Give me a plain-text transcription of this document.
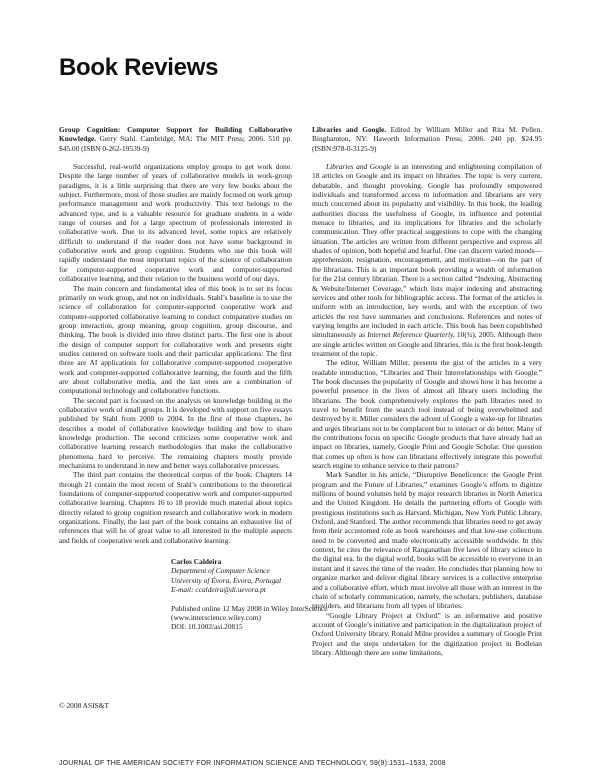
Book Reviews

Group Cognition: Computer Support for Building Collaborative Knowledge. Gerry Stahl. Cambridge, MA: The MIT Press; 2006. 510 pp. $45.00 (ISBN 0-262-19539-9)

Successful, real-world organizations employ groups to get work done. Despite the large number of years of collaborative models in work-group paradigms, it is a little surprising that there are very few books about the subject. Furthermore, most of those studies are mainly focused on work group performance management and work productivity. This text belongs to the advanced type, and is a valuable resource for graduate students in a wide range of courses and for a large spectrum of professionals interested in collaborative work. Due to its advanced level, some topics are relatively difficult to understand if the reader does not have some background in collaborative work and group cognition. Students who use this book will rapidly understand the most important topics of the science of collaboration for computer-supported cooperative work and computer-supported collaborative learning, and their relation to the business world of our days.

The main concern and fundamental idea of this book is to set its focus primarily on work group, and not on individuals. Stahl’s baseline is to use the science of collaboration for computer-supported cooperative work and computer-supported collaborative learning to conduct comparative studies on group interaction, group meaning, group cognition, group discourse, and thinking. The book is divided into three distinct parts. The first one is about the design of computer support for collaborative work and presents eight studies centered on software tools and their particular applications: The first three are AI applications for collaborative computer-supported cooperative work and computer-supported collaborative learning, the fourth and the fifth are about collaborative media, and the last ones are a combination of computational technology and collaborative functions.

The second part is focused on the analysis on knowledge building in the collaborative work of small groups. It is developed with support on five essays published by Stahl from 2000 to 2004. In the first of those chapters, he describes a model of collaborative knowledge building and how to share knowledge production. The second criticizes some cooperative work and collaborative learning research methodologies that make the collaborative phenomena hard to perceive. The remaining chapters mostly provide mechanisms to understand in new and better ways collaborative processes.

The third part contains the theoretical corpus of the book. Chapters 14 through 21 contain the most recent of Stahl’s contributions to the theoretical foundations of computer-supported cooperative work and computer-supported collaborative learning. Chapters 16 to 18 provide much material about topics directly related to group cognition research and collaborative work in modern organizations. Finally, the last part of the book contains an exhaustive list of references that will be of great value to all interested in the multiple aspects and fields of cooperative work and collaborative learning.

Carlos Caldeira
Department of Computer Science
University of Évora, Évora, Portugal
E-mail: ccaldeira@di.uevora.pt
Published online 12 May 2008 in Wiley InterScience
(www.interscience.wiley.com)
DOI: 10.1002/asi.20815

Libraries and Google. Edited by William Miller and Rita M. Pellen. Binghamton, NY: Haworth Information Press; 2006. 240 pp. $24.95 (ISBN:978-0-3125-9)

Libraries and Google is an interesting and enlightening compilation of 18 articles on Google and its impact on libraries. The topic is very current, debatable, and thought provoking. Google has profoundly empowered individuals and transformed access to information and librarians are very much concerned about its popularity and visibility. In this book, the leading authorities discuss the usefulness of Google, its influence and potential menace to libraries, and its implications for libraries and the scholarly communication. They offer practical suggestions to cope with the changing situation. The articles are written from different perspective and express all shades of opinion, both hopeful and fearful. One can discern varied moods—apprehension, resignation, encouragement, and motivation—on the part of the librarians. This is an important book providing a wealth of information for the 21st century librarian. There is a section called “Indexing, Abstracting & Website/Internet Coverage,” which lists major indexing and abstracting services and other tools for bibliographic access. The format of the articles is uniform with an introduction, key words, and with the exception of two articles the rest have summaries and conclusions. References and notes of varying lengths are included in each article. This book has been copublished simultaneously as Internet Reference Quarterly, 10(¾), 2005. Although there are single articles written on Google and libraries, this is the first book-length treatment of the topic.

The editor, William Miller, presents the gist of the articles in a very readable introduction, “Libraries and Their Interrelationships with Google.” The book discusses the popularity of Google and shows how it has become a powerful presence in the lives of almost all library users including the librarians. The book comprehensively explores the path libraries need to travel to benefit from the search tool instead of being overwhelmed and destroyed by it. Miller considers the advent of Google a wake-up for libraries and urges librarians not to be complacent but to interact or do better. Many of the contributions focus on specific Google products that have already had an impact on libraries, namely, Google Print and Google Scholar. One question that comes up often is how can librarians effectively integrate this powerful search engine to enhance service to their patrons?

Mark Sandler in his article, “Disruptive Beneficence: the Google Print program and the Future of Libraries,” examines Google’s efforts to digitize millions of bound volumes held by major research libraries in North America and the United Kingdom. He details the partnering efforts of Google with prestigious institutions such as Harvard, Michigan, New York Public Library, Oxford, and Stanford. The author recommends that libraries need to get away from their accustomed role as book warehouses and that low-use collections need to be converted and made electronically accessible worldwide. In this context, he cites the relevance of Ranganathan five laws of library science in the digital era. In the digital world, books will be accessible to everyone in an instant and it saves the time of the reader. He concludes that planning how to organize market and deliver digital library services is a collective enterprise and a collaborative effort, which must involve all those with an interest in the chain of scholarly communication, namely, the scholars, publishers, database providers, and librarians from all types of libraries.

“Google Library Project at Oxford” is an informative and positive account of Google’s initiative and participation in the digitalization project of Oxford University library. Ronald Milne provides a summary of Google Print Project and the steps undertaken for the digitization project in Bodleian library. Although there are some limitations,

© 2008 ASIS&T
JOURNAL OF THE AMERICAN SOCIETY FOR INFORMATION SCIENCE AND TECHNOLOGY, 59(9):1531–1533, 2008
